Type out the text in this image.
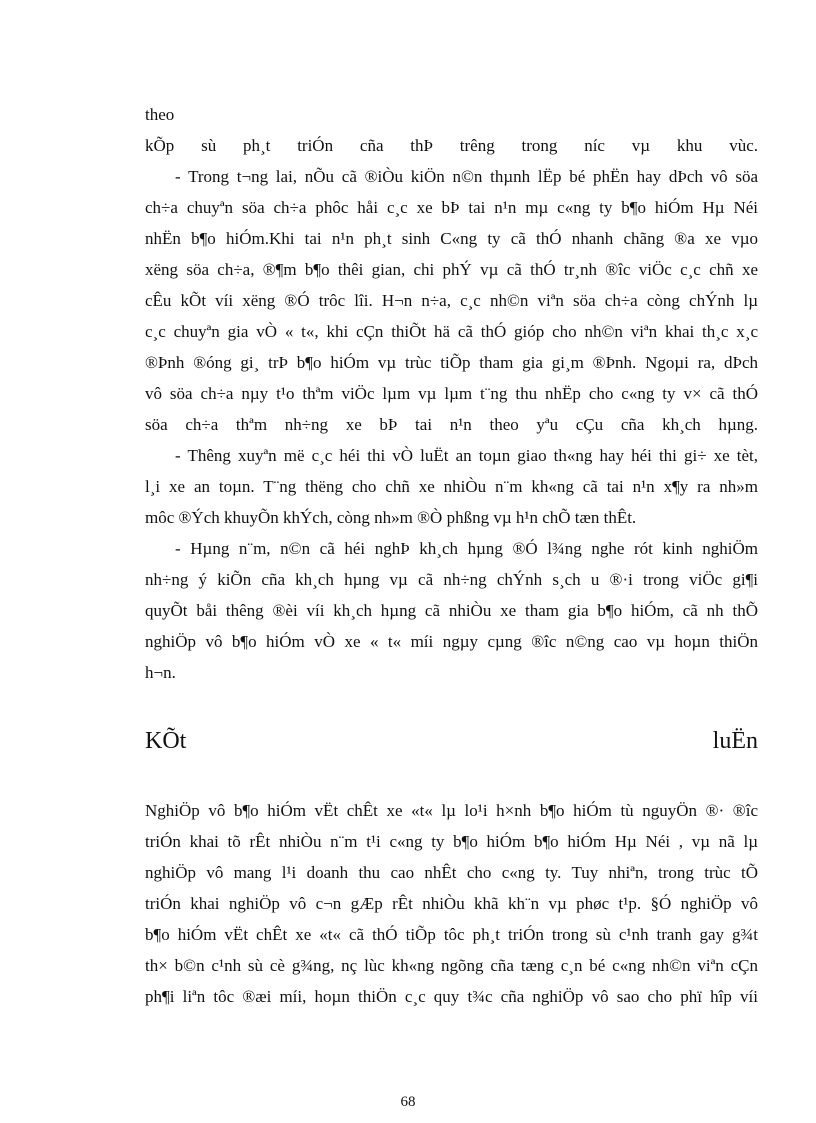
theo
kÕp sù ph¸t triÓn cña thÞ trêng trong níc vµ khu vùc.
- Trong t¬ng lai, nÕu cã ®iÒu kiÖn n©n thµnh lËp bé phËn hay dÞch vô söa
ch÷a chuyªn söa ch÷a phôc håi c¸c xe bÞ tai n¹n mµ c«ng ty b¶o hiÓm Hµ Néi
nhËn b¶o hiÓm.Khi tai n¹n ph¸t sinh C«ng ty cã thÓ nhanh chãng ®a xe vµo
xëng söa ch÷a, ®¶m b¶o thêi gian, chi phÝ vµ cã thÓ tr¸nh ®îc viÖc c¸c chñ xe
cÊu kÕt víi xëng ®Ó trôc lîi. H¬n n÷a, c¸c nh©n viªn söa ch÷a còng chÝnh lµ
c¸c chuyªn gia vÒ « t«, khi cÇn thiÕt hä cã thÓ gióp cho nh©n viªn khai th¸c x¸c
®Þnh ®óng gi¸ trÞ b¶o hiÓm vµ trùc tiÕp tham gia gi¸m ®Þnh. Ngoµi ra, dÞch
vô söa ch÷a nµy t¹o thªm viÖc lµm vµ lµm t¨ng thu nhËp cho c«ng ty v× cã thÓ
söa ch÷a thªm nh÷ng xe bÞ tai n¹n theo yªu cÇu cña kh¸ch hµng.
- Thêng xuyªn më c¸c héi thi vÒ luËt an toµn giao th«ng hay héi thi gi÷ xe tèt,
l¸i xe an toµn. T¨ng thëng cho chñ xe nhiÒu n¨m kh«ng cã tai n¹n x¶y ra nh»m
môc ®Ých khuyÕn khÝch, còng nh»m ®Ò phßng vµ h¹n chÕ tæn thÊt.
- Hµng n¨m, n©n cã héi nghÞ kh¸ch hµng ®Ó l¾ng nghe rót kinh nghiÖm
nh÷ng ý kiÕn cña kh¸ch hµng vµ cã nh÷ng chÝnh s¸ch u ®·i trong viÖc gi¶i
quyÕt båi thêng ®èi víi kh¸ch hµng cã nhiÒu xe tham gia b¶o hiÓm, cã nh thÕ
nghiÖp vô b¶o hiÓm vÒ xe « t« míi ngµy cµng ®îc n©ng cao vµ hoµn thiÖn
h¬n.
KÕt	luËn
NghiÖp vô b¶o hiÓm vËt chÊt xe «t« lµ lo¹i h×nh b¶o hiÓm tù nguyÖn ®· ®îc
triÓn khai tõ rÊt nhiÒu n¨m t¹i c«ng ty b¶o hiÓm b¶o hiÓm Hµ Néi , vµ nã lµ
nghiÖp vô mang l¹i doanh thu cao nhÊt cho c«ng ty. Tuy nhiªn, trong trùc tÕ
triÓn khai nghiÖp vô c¬n gÆp rÊt nhiÒu khã kh¨n vµ phøc t¹p. §Ó nghiÖp vô
b¶o hiÓm vËt chÊt xe «t« cã thÓ tiÕp tôc ph¸t triÓn trong sù c¹nh tranh gay g¾t
th× b©n c¹nh sù cè g¾ng, nç lùc kh«ng ngõng cña tæng c¸n bé c«ng nh©n viªn cÇn
ph¶i liªn tôc ®æi míi, hoµn thiÖn c¸c quy t¾c cña nghiÖp vô sao cho phï hîp víi
68
